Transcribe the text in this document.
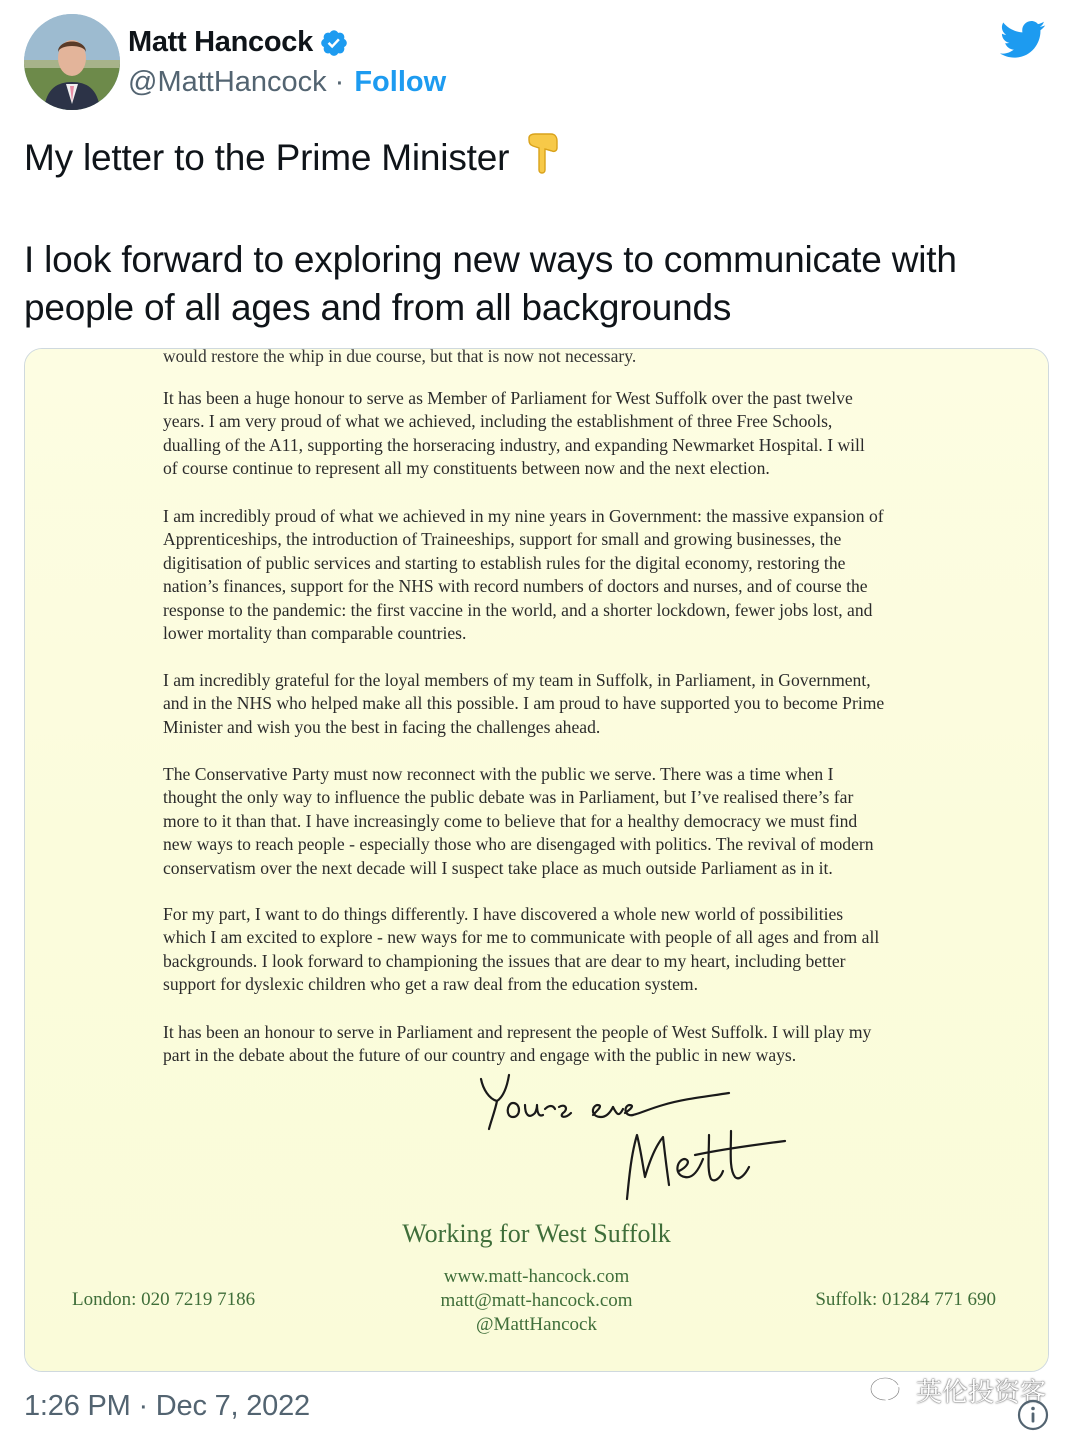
Matt Hancock
@MattHancock · Follow

My letter to the Prime Minister

I look forward to exploring new ways to communicate with

people of all ages and from all backgrounds

would restore the whip in due course, but that is now not necessary.
It has been a huge honour to serve as Member of Parliament for West Suffolk over the past twelve
years. I am very proud of what we achieved, including the establishment of three Free Schools,
dualling of the A11, supporting the horseracing industry, and expanding Newmarket Hospital. I will
of course continue to represent all my constituents between now and the next election.
I am incredibly proud of what we achieved in my nine years in Government: the massive expansion of
Apprenticeships, the introduction of Traineeships, support for small and growing businesses, the
digitisation of public services and starting to establish rules for the digital economy, restoring the
nation’s finances, support for the NHS with record numbers of doctors and nurses, and of course the
response to the pandemic: the first vaccine in the world, and a shorter lockdown, fewer jobs lost, and
lower mortality than comparable countries.
I am incredibly grateful for the loyal members of my team in Suffolk, in Parliament, in Government,
and in the NHS who helped make all this possible. I am proud to have supported you to become Prime
Minister and wish you the best in facing the challenges ahead.
The Conservative Party must now reconnect with the public we serve. There was a time when I
thought the only way to influence the public debate was in Parliament, but I’ve realised there’s far
more to it than that. I have increasingly come to believe that for a healthy democracy we must find
new ways to reach people - especially those who are disengaged with politics. The revival of modern
conservatism over the next decade will I suspect take place as much outside Parliament as in it.
For my part, I want to do things differently. I have discovered a whole new world of possibilities
which I am excited to explore - new ways for me to communicate with people of all ages and from all
backgrounds. I look forward to championing the issues that are dear to my heart, including better
support for dyslexic children who get a raw deal from the education system.
It has been an honour to serve in Parliament and represent the people of West Suffolk. I will play my
part in the debate about the future of our country and engage with the public in new ways.
Working for West Suffolk
www.matt-hancock.com
matt@matt-hancock.com
@MattHancock
London: 020 7219 7186	Suffolk: 01284 771 690
1:26 PM · Dec 7, 2022	英伦投资客
